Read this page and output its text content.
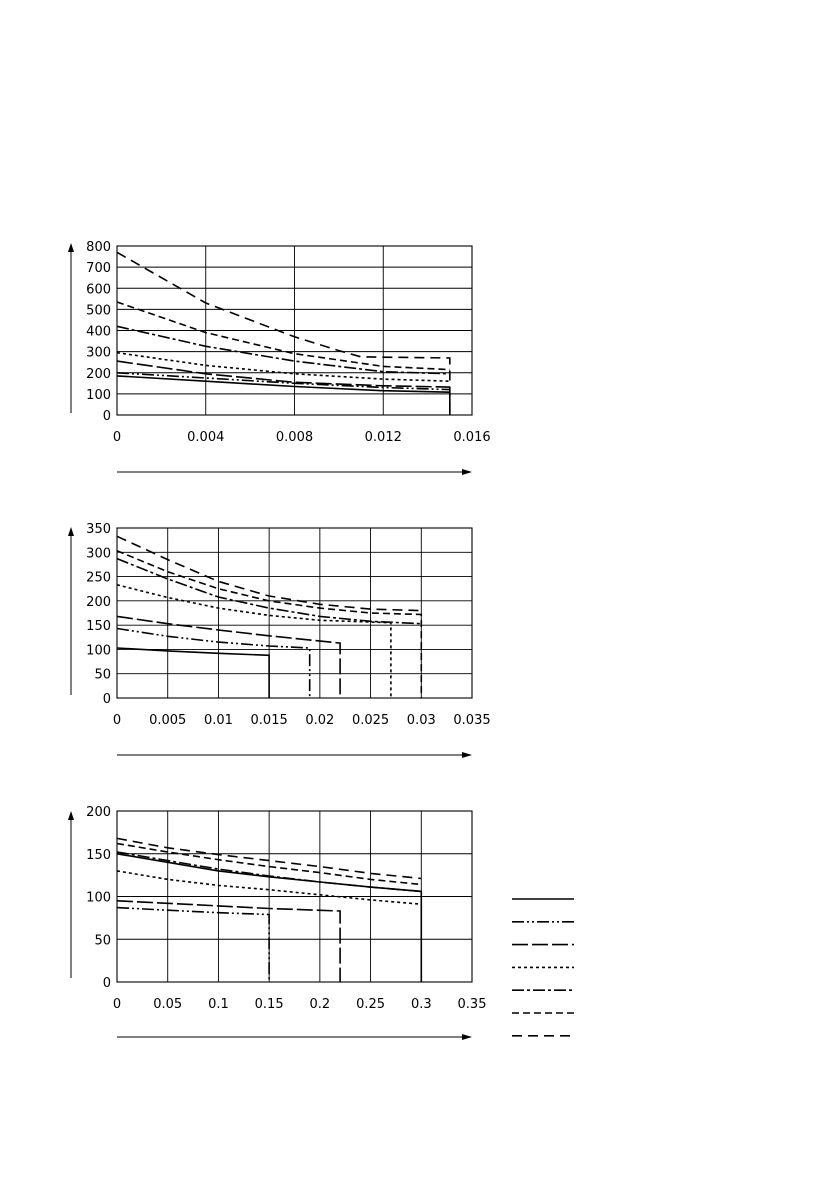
0	0.004	0.008	0.012	0.016
0
100
200
300
400
500
600
700
800
0 0.005 0.01 0.015 0.02 0.025 0.03 0.035
0
50
100
150
200
250
300
350
0 0.05 0.1 0.15 0.2 0.25 0.3 0.35
0
50
100
150
200
